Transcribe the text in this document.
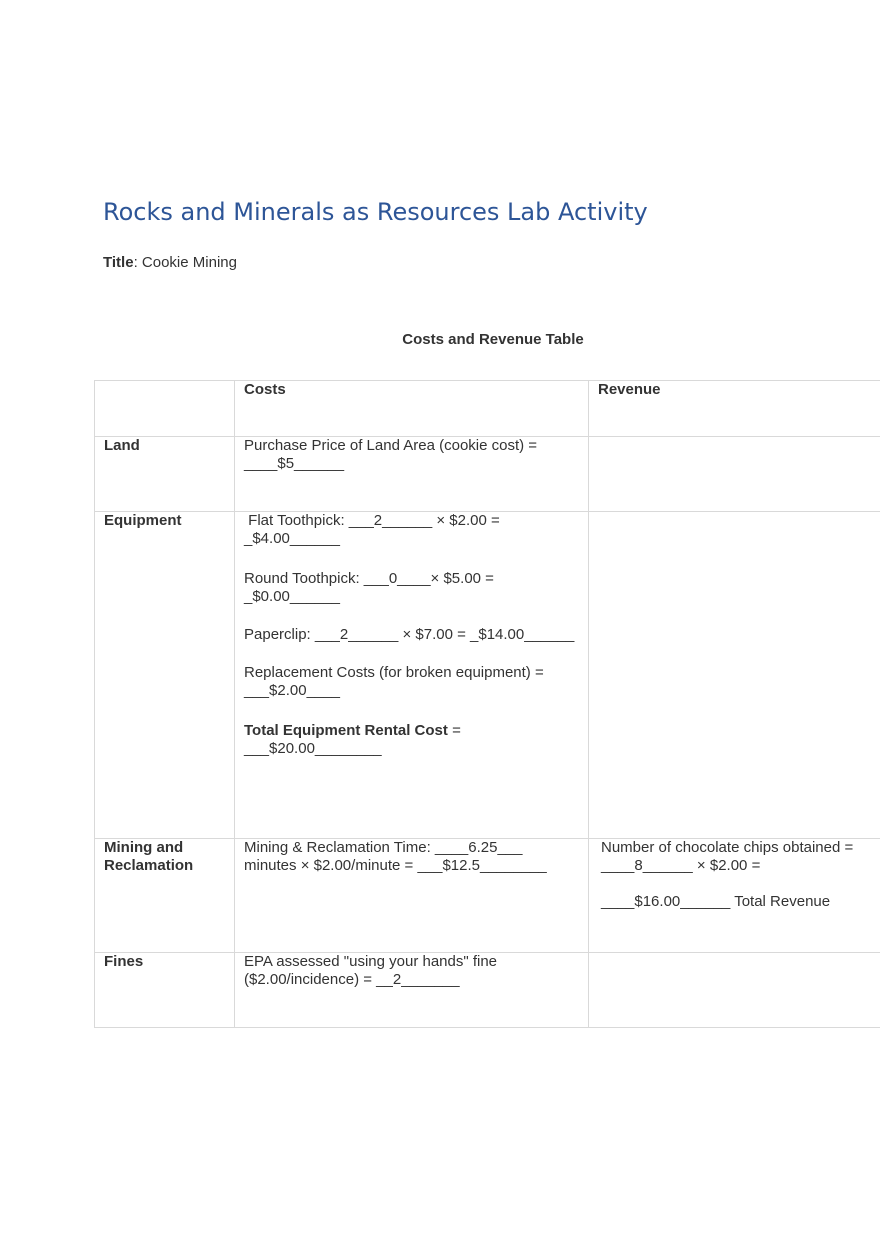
Rocks and Minerals as Resources Lab Activity
Title: Cookie Mining
Costs and Revenue Table
	Costs	Revenue
Land	Purchase Price of Land Area (cookie cost) = ____$5______	

Equipment	Flat Toothpick: ___2______ × $2.00 = _$4.00______

Round Toothpick: ___0____× $5.00 = _$0.00______

Paperclip: ___2______ × $7.00 = _$14.00______

Replacement Costs (for broken equipment) = ___$2.00____

Total Equipment Rental Cost = ___$20.00________	

Mining and Reclamation	Mining & Reclamation Time: ____6.25___ minutes × $2.00/minute = ___$12.5________	Number of chocolate chips obtained = ____8______ × $2.00 =

____$16.00______ Total Revenue

Fines	EPA assessed "using your hands" fine ($2.00/incidence) = __2_______	
